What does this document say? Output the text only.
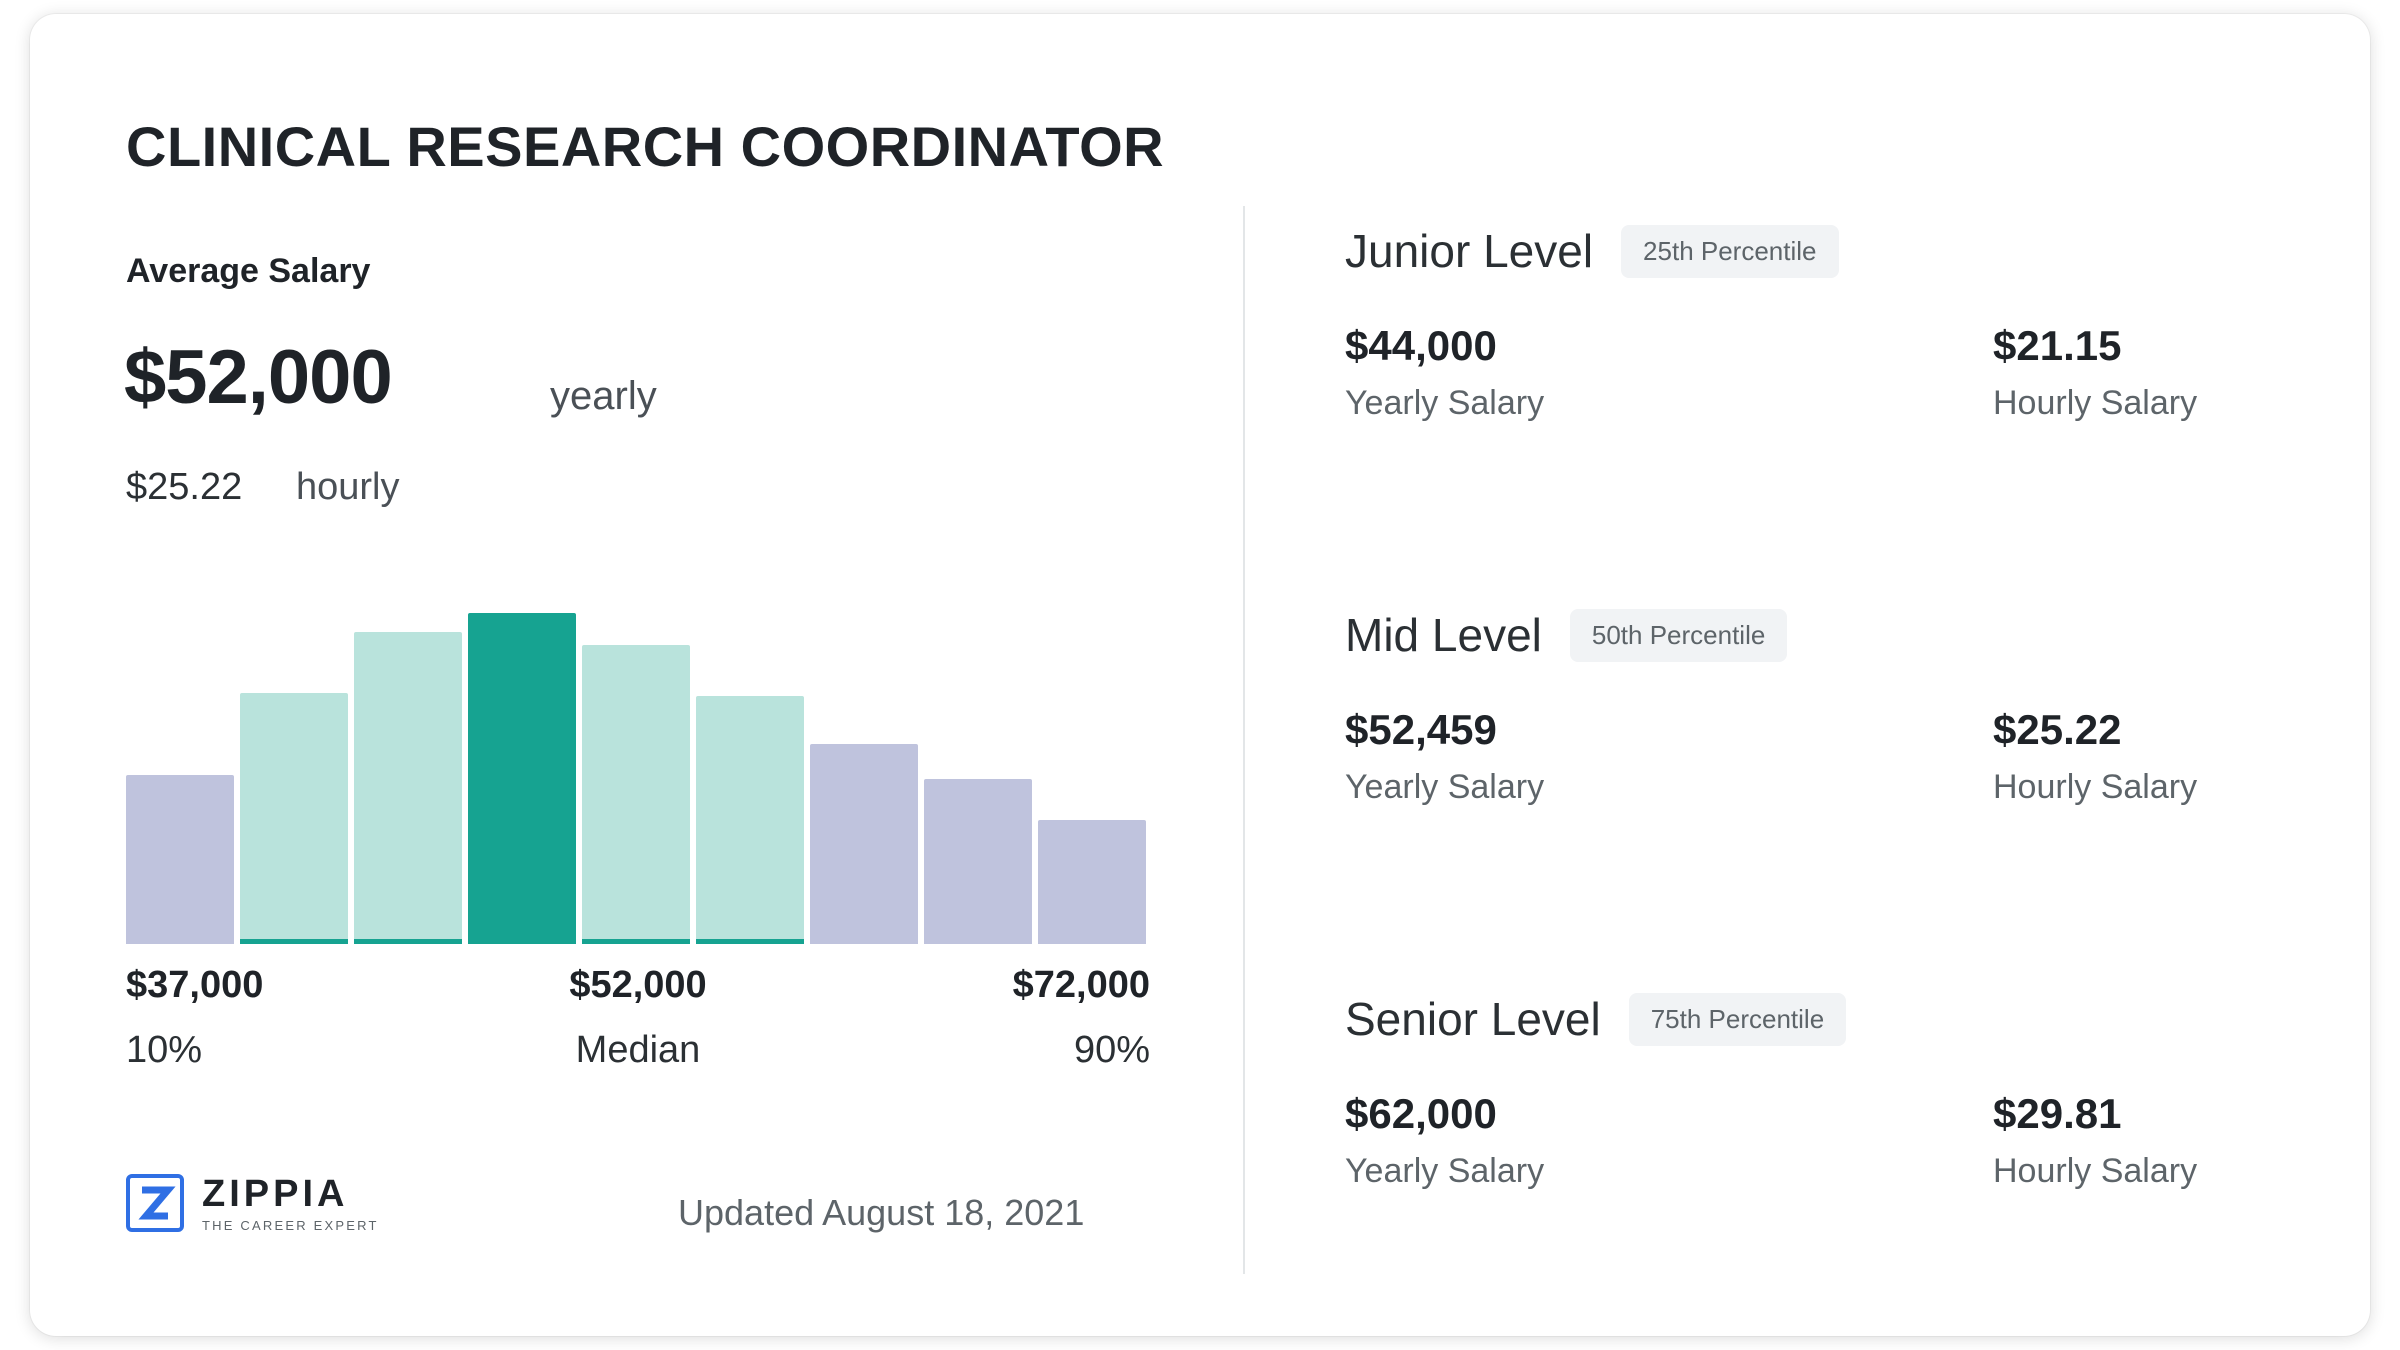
CLINICAL RESEARCH COORDINATOR
Average Salary
$52,000	yearly
$25.22 hourly
$37,000	$52,000	$72,000
10%	Median	90%
ZIPPIA
THE CAREER EXPERT	Updated August 18, 2021
Junior Level	25th Percentile
$44,000
Yearly Salary
$21.15
Hourly Salary
Mid Level	50th Percentile
$52,459
Yearly Salary
$25.22
Hourly Salary
Senior Level	75th Percentile
$62,000
Yearly Salary
$29.81
Hourly Salary
